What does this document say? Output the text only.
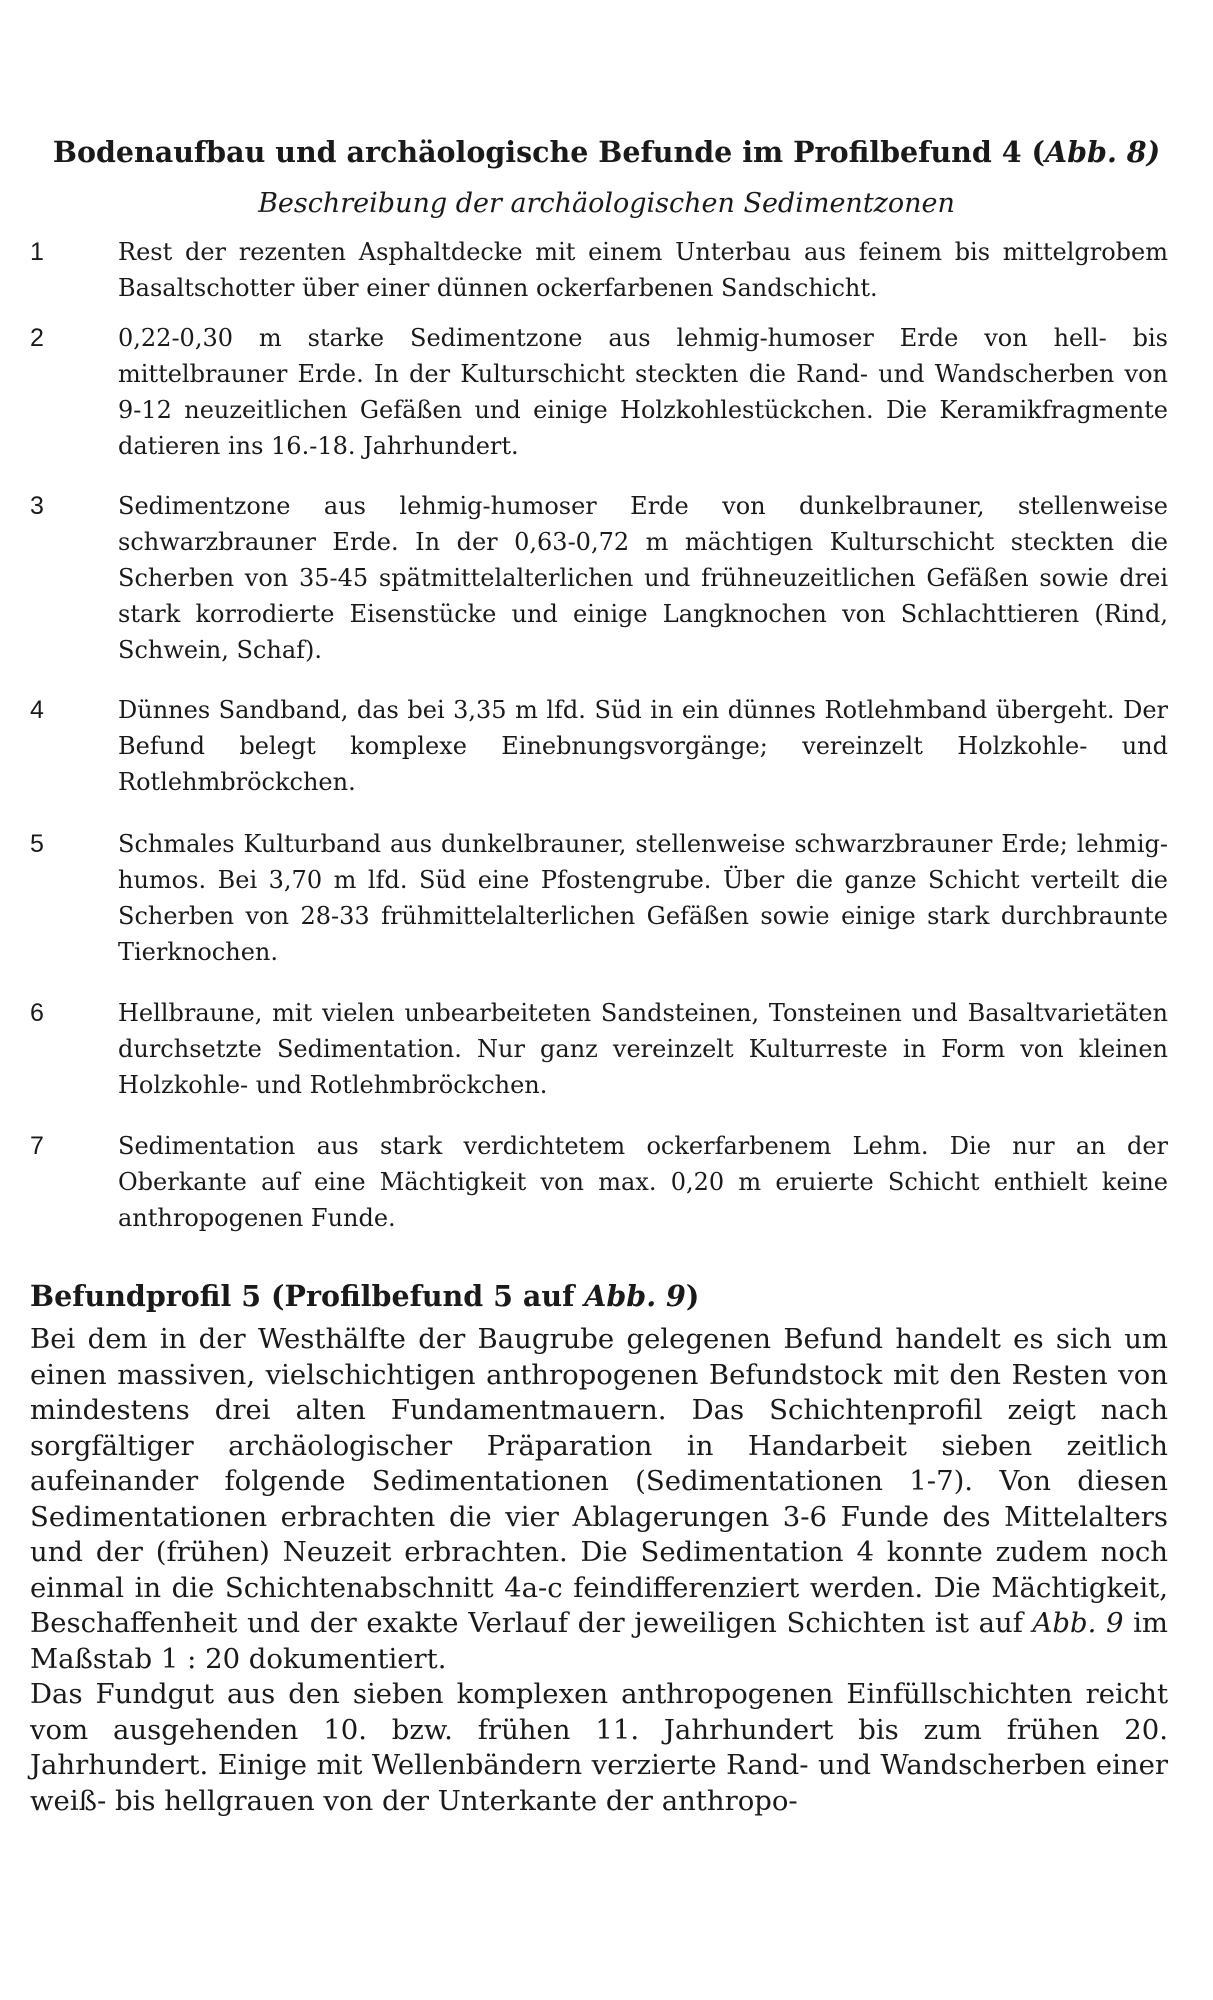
Bodenaufbau und archäologische Befunde im Profilbefund 4 (Abb. 8)
Beschreibung der archäologischen Sedimentzonen
1	Rest der rezenten Asphaltdecke mit einem Unterbau aus feinem bis mittelgrobem Basaltschotter über einer dünnen ockerfarbenen Sandschicht.

2	0,22-0,30 m starke Sedimentzone aus lehmig-humoser Erde von hell- bis mittelbrauner Erde. In der Kulturschicht steckten die Rand- und Wandscherben von 9-12 neuzeitlichen Gefäßen und einige Holzkohlestückchen. Die Keramikfragmente datieren ins 16.-18. Jahrhundert.

3	Sedimentzone aus lehmig-humoser Erde von dunkelbrauner, stellenweise schwarzbrauner Erde. In der 0,63-0,72 m mächtigen Kulturschicht steckten die Scherben von 35-45 spätmittelalterlichen und frühneuzeitlichen Gefäßen sowie drei stark korrodierte Eisenstücke und einige Langknochen von Schlachttieren (Rind, Schwein, Schaf).

4	Dünnes Sandband, das bei 3,35 m lfd. Süd in ein dünnes Rotlehmband übergeht. Der Befund belegt komplexe Einebnungsvorgänge; vereinzelt Holzkohle- und Rotlehmbröckchen.

5	Schmales Kulturband aus dunkelbrauner, stellenweise schwarzbrauner Erde; lehmig-humos. Bei 3,70 m lfd. Süd eine Pfostengrube. Über die ganze Schicht verteilt die Scherben von 28-33 frühmittelalterlichen Gefäßen sowie einige stark durchbraunte Tierknochen.

6	Hellbraune, mit vielen unbearbeiteten Sandsteinen, Tonsteinen und Basaltvarietäten durchsetzte Sedimentation. Nur ganz vereinzelt Kulturreste in Form von kleinen Holzkohle- und Rotlehmbröckchen.

7	Sedimentation aus stark verdichtetem ockerfarbenem Lehm. Die nur an der Oberkante auf eine Mächtigkeit von max. 0,20 m eruierte Schicht enthielt keine anthropogenen Funde.

Befundprofil 5 (Profilbefund 5 auf Abb. 9)

Bei dem in der Westhälfte der Baugrube gelegenen Befund handelt es sich um einen massiven, vielschichtigen anthropogenen Befundstock mit den Resten von mindestens drei alten Fundamentmauern. Das Schichtenprofil zeigt nach sorgfältiger archäologischer Präparation in Handarbeit sieben zeitlich aufeinander folgende Sedimentationen (Sedimentationen 1-7). Von diesen Sedimentationen erbrachten die vier Ablagerungen 3-6 Funde des Mittelalters und der (frühen) Neuzeit erbrachten. Die Sedimentation 4 konnte zudem noch einmal in die Schichtenabschnitt 4a-c feindifferenziert werden. Die Mächtigkeit, Beschaffenheit und der exakte Verlauf der jeweiligen Schichten ist auf Abb. 9 im Maßstab 1 : 20 dokumentiert.

Das Fundgut aus den sieben komplexen anthropogenen Einfüllschichten reicht vom ausgehenden 10. bzw. frühen 11. Jahrhundert bis zum frühen 20. Jahrhundert. Einige mit Wellenbändern verzierte Rand- und Wandscherben einer weiß- bis hellgrauen von der Unterkante der anthropo-
